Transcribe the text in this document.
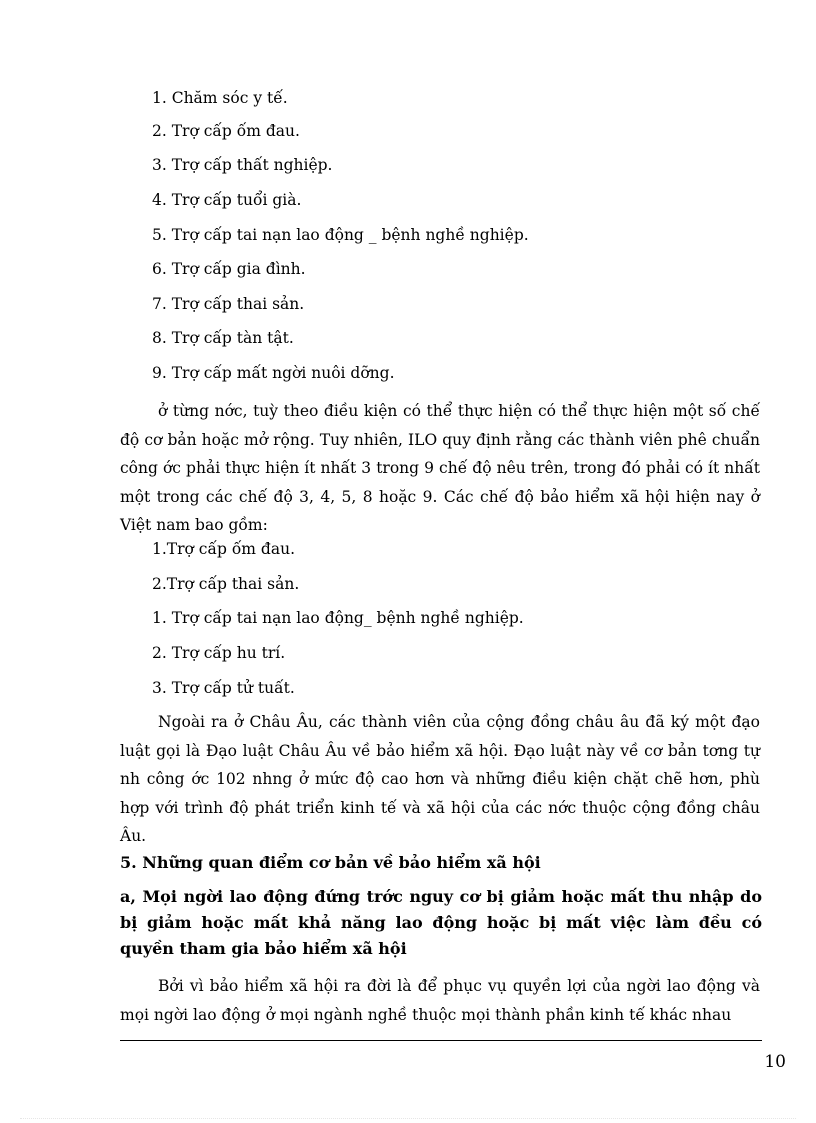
1. Chăm sóc y tế.
2. Trợ cấp ốm đau.
3. Trợ cấp thất nghiệp.
4. Trợ cấp tuổi già.
5. Trợ cấp tai nạn lao động _ bệnh nghề nghiệp.
6. Trợ cấp gia đình.
7. Trợ cấp thai sản.
8. Trợ cấp tàn tật.
9. Trợ cấp mất ngời nuôi dỡng.

ở từng nớc, tuỳ theo điều kiện có thể thực hiện có thể thực hiện một số chế độ cơ bản hoặc mở rộng. Tuy nhiên, ILO quy định rằng các thành viên phê chuẩn công ớc phải thực hiện ít nhất 3 trong 9 chế độ nêu trên, trong đó phải có ít nhất một trong các chế độ 3, 4, 5, 8 hoặc 9. Các chế độ bảo hiểm xã hội hiện nay ở Việt nam bao gồm:

1.Trợ cấp ốm đau.
2.Trợ cấp thai sản.
1. Trợ cấp tai nạn lao động_ bệnh nghề nghiệp.
2. Trợ cấp hu trí.
3. Trợ cấp tử tuất.

Ngoài ra ở Châu Âu, các thành viên của cộng đồng châu âu đã ký một đạo luật gọi là Đạo luật Châu Âu về bảo hiểm xã hội. Đạo luật này về cơ bản tơng tự nh công ớc 102 nhng ở mức độ cao hơn và những điều kiện chặt chẽ hơn, phù hợp với trình độ phát triển kinh tế và xã hội của các nớc thuộc cộng đồng châu Âu.

5. Những quan điểm cơ bản về bảo hiểm xã hội
a, Mọi ngời lao động đứng trớc nguy cơ bị giảm hoặc mất thu nhập do bị giảm hoặc mất khả năng lao động hoặc bị mất việc làm đều có quyền tham gia bảo hiểm xã hội

Bởi vì bảo hiểm xã hội ra đời là để phục vụ quyền lợi của ngời lao động và mọi ngời lao động ở mọi ngành nghề thuộc mọi thành phần kinh tế khác nhau

10
